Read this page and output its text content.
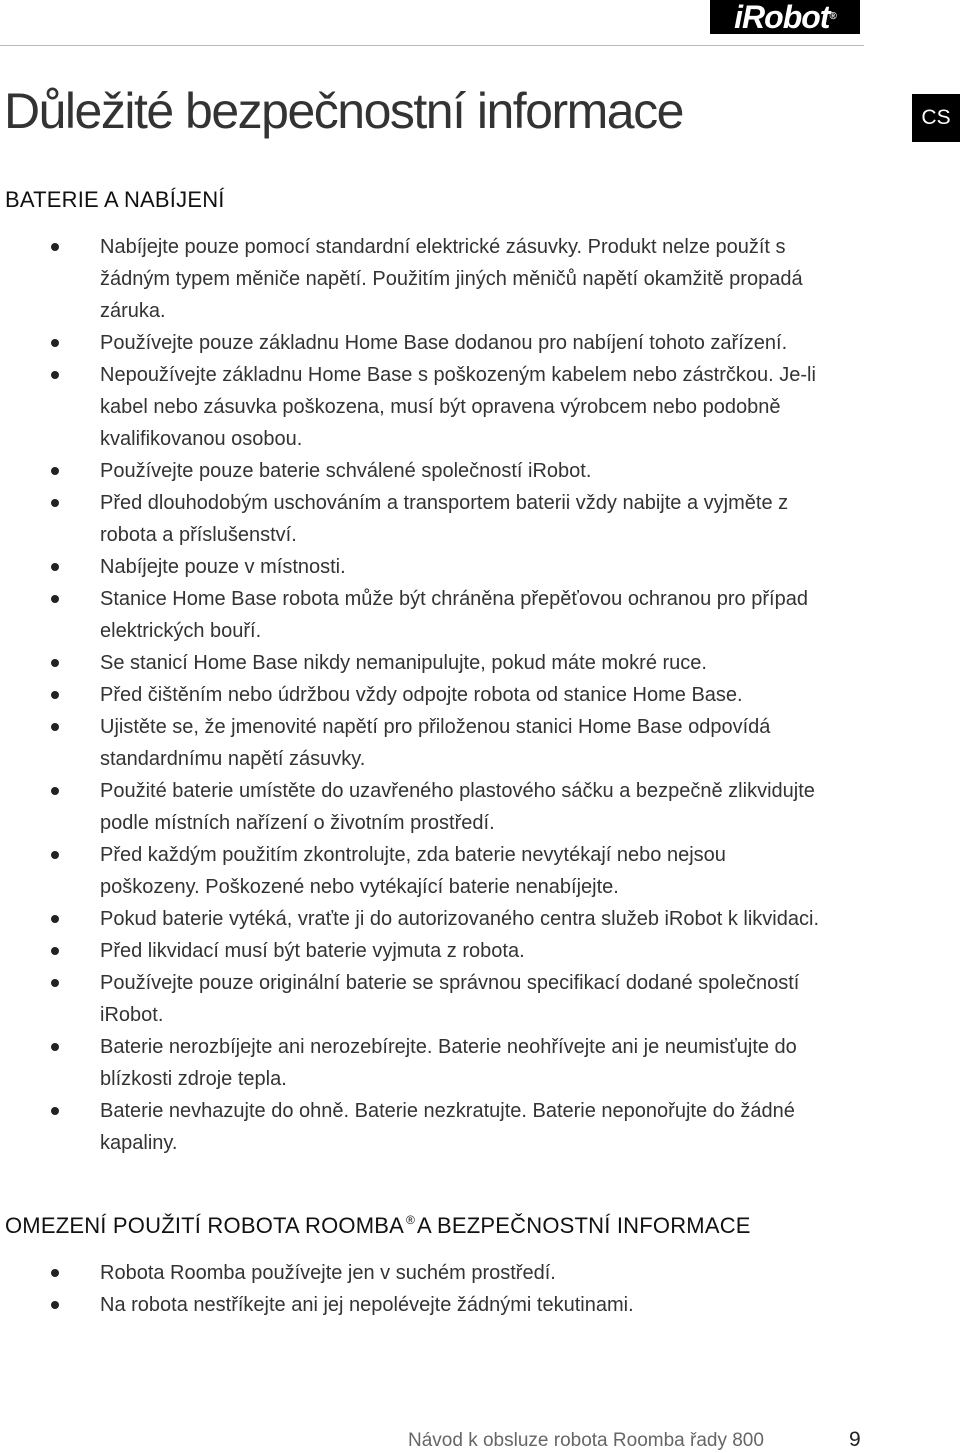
iRobot®
Důležité bezpečnostní informace	CS
BATERIE A NABÍJENÍ
Nabíjejte pouze pomocí standardní elektrické zásuvky. Produkt nelze použít s žádným typem měniče napětí. Použitím jiných měničů napětí okamžitě propadá záruka.
Používejte pouze základnu Home Base dodanou pro nabíjení tohoto zařízení.
Nepoužívejte základnu Home Base s poškozeným kabelem nebo zástrčkou. Je-li kabel nebo zásuvka poškozena, musí být opravena výrobcem nebo podobně kvalifikovanou osobou.
Používejte pouze baterie schválené společností iRobot.
Před dlouhodobým uschováním a transportem baterii vždy nabijte a vyjměte z robota a příslušenství.
Nabíjejte pouze v místnosti.
Stanice Home Base robota může být chráněna přepěťovou ochranou pro případ elektrických bouří.
Se stanicí Home Base nikdy nemanipulujte, pokud máte mokré ruce.
Před čištěním nebo údržbou vždy odpojte robota od stanice Home Base.
Ujistěte se, že jmenovité napětí pro přiloženou stanici Home Base odpovídá standardnímu napětí zásuvky.
Použité baterie umístěte do uzavřeného plastového sáčku a bezpečně zlikvidujte podle místních nařízení o životním prostředí.
Před každým použitím zkontrolujte, zda baterie nevytékají nebo nejsou poškozeny. Poškozené nebo vytékající baterie nenabíjejte.
Pokud baterie vytéká, vraťte ji do autorizovaného centra služeb iRobot k likvidaci.
Před likvidací musí být baterie vyjmuta z robota.
Používejte pouze originální baterie se správnou specifikací dodané společností iRobot.
Baterie nerozbíjejte ani nerozebírejte. Baterie neohřívejte ani je neumisťujte do blízkosti zdroje tepla.
Baterie nevhazujte do ohně. Baterie nezkratujte. Baterie neponořujte do žádné kapaliny.
OMEZENÍ POUŽITÍ ROBOTA ROOMBA ®A BEZPEČNOSTNÍ INFORMACE
Robota Roomba používejte jen v suchém prostředí.
Na robota nestříkejte ani jej nepolévejte žádnými tekutinami.
Návod k obsluze robota Roomba řady 800	9
